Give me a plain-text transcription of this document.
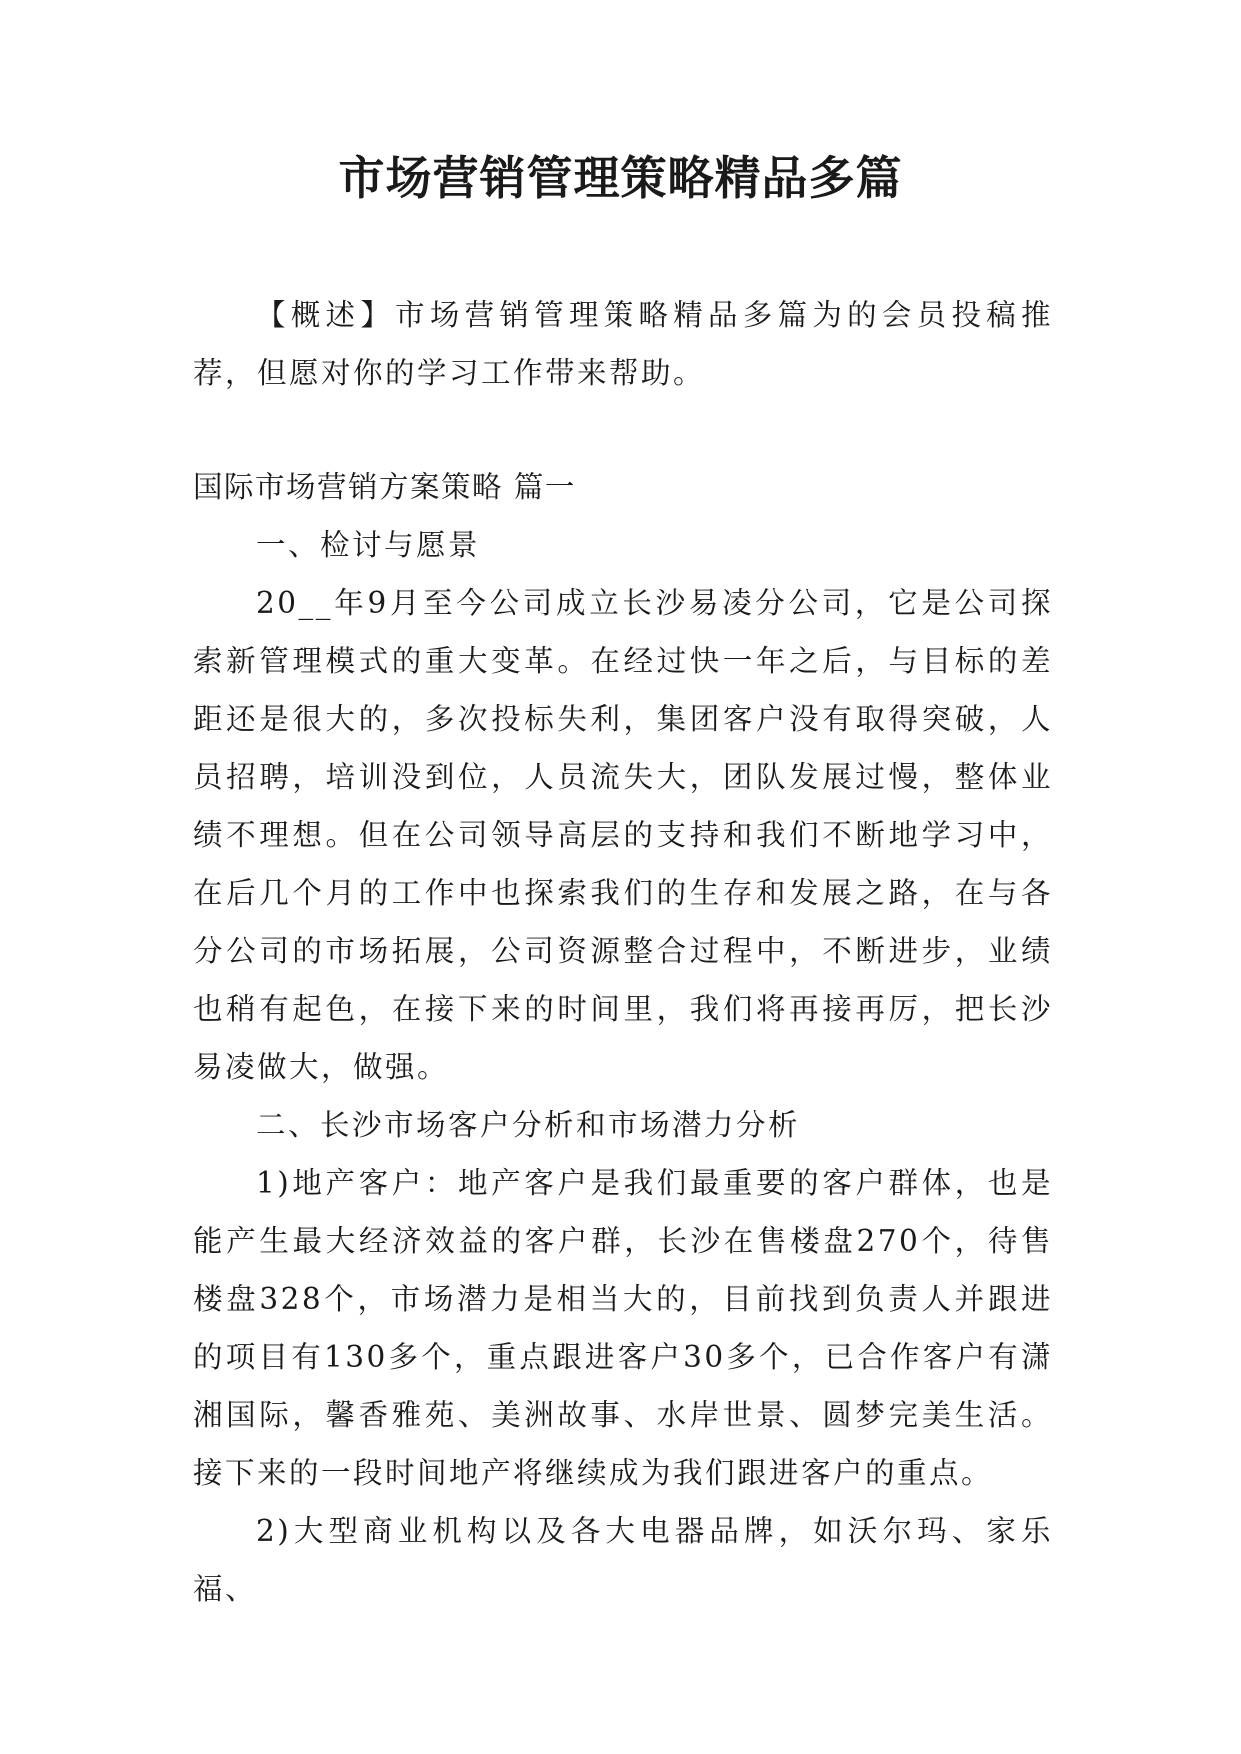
市场营销管理策略精品多篇

【概述】市场营销管理策略精品多篇为的会员投稿推荐，但愿对你的学习工作带来帮助。

国际市场营销方案策略 篇一

一、检讨与愿景

20__年9月至今公司成立长沙易凌分公司，它是公司探索新管理模式的重大变革。在经过快一年之后，与目标的差距还是很大的，多次投标失利，集团客户没有取得突破，人员招聘，培训没到位，人员流失大，团队发展过慢，整体业绩不理想。但在公司领导高层的支持和我们不断地学习中，在后几个月的工作中也探索我们的生存和发展之路，在与各分公司的市场拓展，公司资源整合过程中，不断进步，业绩也稍有起色，在接下来的时间里，我们将再接再厉，把长沙易凌做大，做强。

二、长沙市场客户分析和市场潜力分析

1)地产客户：地产客户是我们最重要的客户群体，也是能产生最大经济效益的客户群，长沙在售楼盘270个，待售楼盘328个，市场潜力是相当大的，目前找到负责人并跟进的项目有130多个，重点跟进客户30多个，已合作客户有潇湘国际，馨香雅苑、美洲故事、水岸世景、圆梦完美生活。接下来的一段时间地产将继续成为我们跟进客户的重点。

2)大型商业机构以及各大电器品牌，如沃尔玛、家乐福、
